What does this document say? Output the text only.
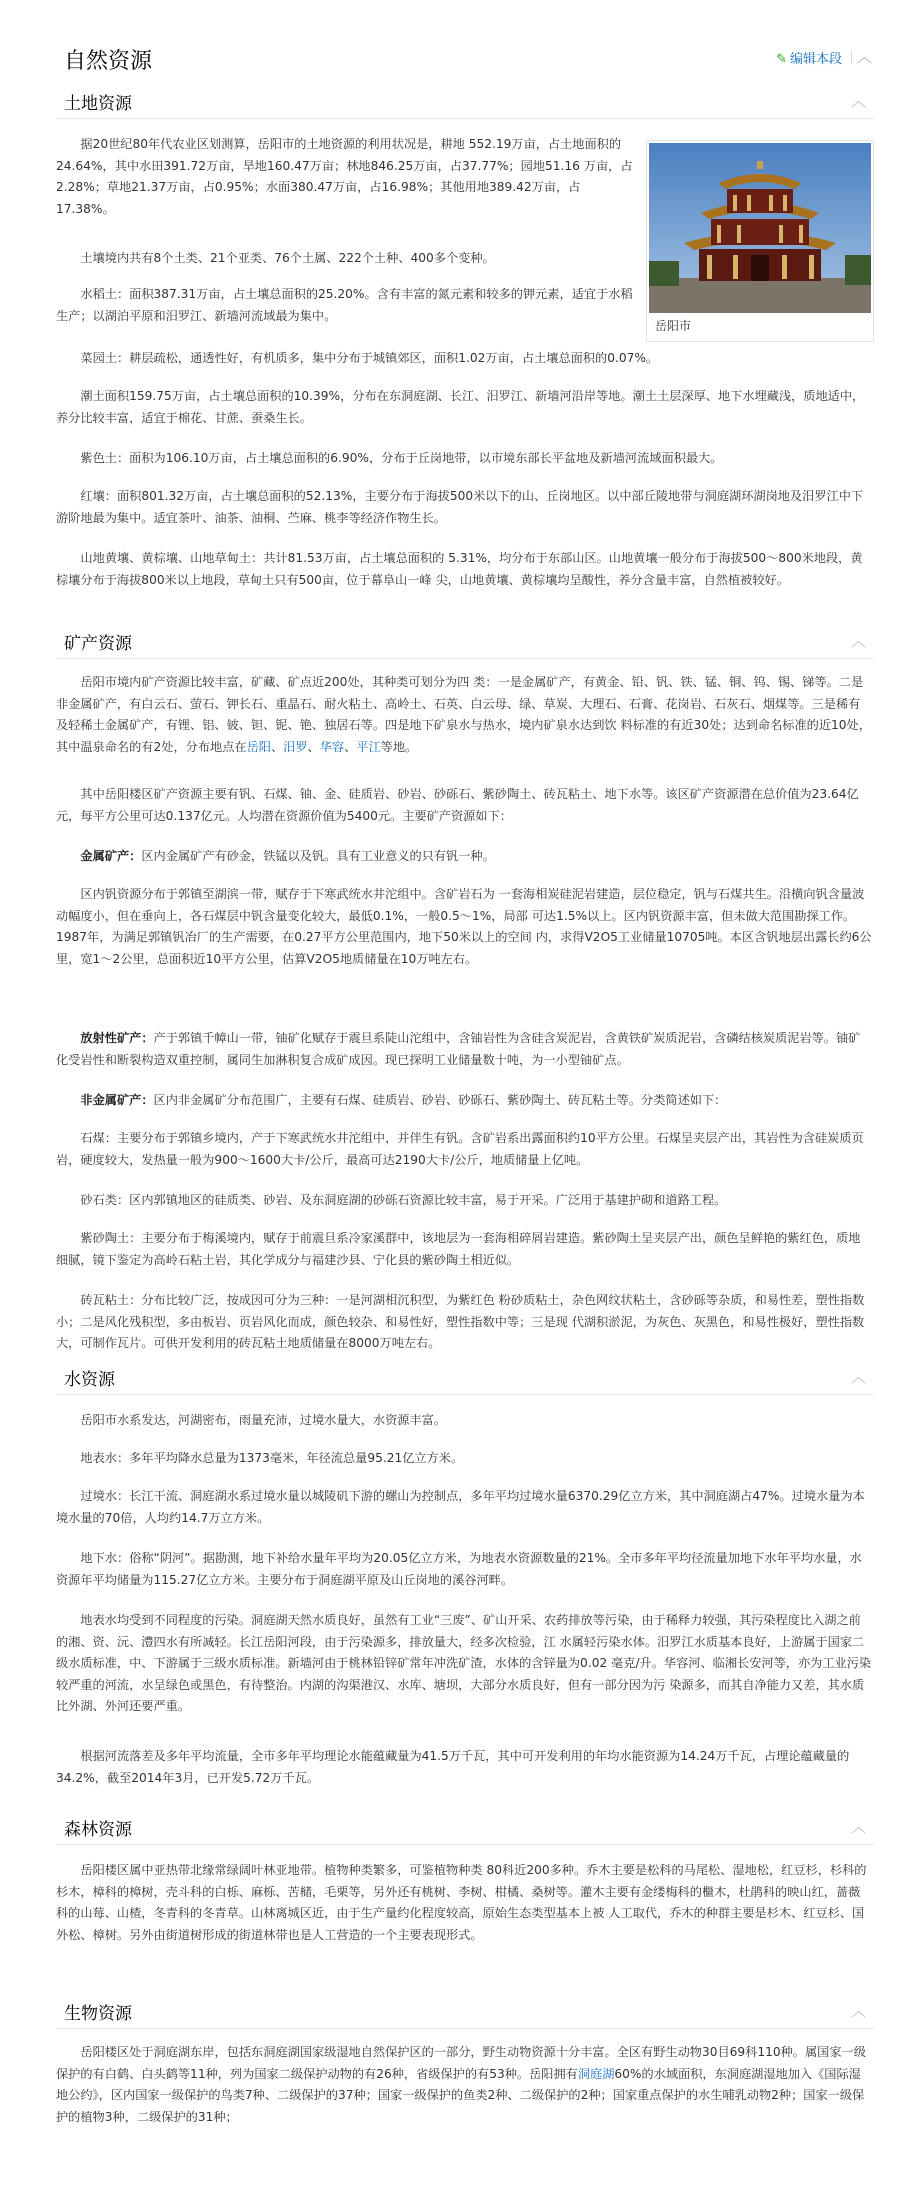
自然资源	✎ 编辑本段 ︿
土地资源	︿
岳阳市

据20世纪80年代农业区划测算，岳阳市的土地资源的利用状况是，耕地 552.19万亩，占土地面积的24.64%，其中水田391.72万亩，旱地160.47万亩；林地846.25万亩，占37.77%；园地51.16 万亩，占2.28%；草地21.37万亩，占0.95%；水面380.47万亩，占16.98%；其他用地389.42万亩，占17.38%。

土壤境内共有8个土类、21个亚类、76个土属、222个土种、400多个变种。

水稻土：面积387.31万亩，占土壤总面积的25.20%。含有丰富的氮元素和较多的钾元素，适宜于水稻生产；以湖泊平原和汨罗江、新墙河流域最为集中。

菜园土：耕层疏松，通透性好，有机质多，集中分布于城镇郊区，面积1.02万亩，占土壤总面积的0.07%。

潮土面积159.75万亩，占土壤总面积的10.39%，分布在东洞庭湖、长江、汨罗江、新墙河沿岸等地。潮土土层深厚、地下水埋藏浅，质地适中，养分比较丰富，适宜于棉花、甘蔗、蚕桑生长。

紫色土：面积为106.10万亩，占土壤总面积的6.90%，分布于丘岗地带，以市境东部长平盆地及新墙河流域面积最大。

红壤：面积801.32万亩，占土壤总面积的52.13%，主要分布于海拔500米以下的山、丘岗地区。以中部丘陵地带与洞庭湖环湖岗地及汨罗江中下游阶地最为集中。适宜茶叶、油茶、油桐、苎麻、桃李等经济作物生长。

山地黄壤、黄棕壤、山地草甸土：共计81.53万亩，占土壤总面积的 5.31%，均分布于东部山区。山地黄壤一般分布于海拔500～800米地段，黄棕壤分布于海拔800米以上地段，草甸土只有500亩，位于幕阜山一峰 尖，山地黄壤、黄棕壤均呈酸性，养分含量丰富，自然植被较好。

矿产资源	︿

岳阳市境内矿产资源比较丰富，矿藏、矿点近200处，其种类可划分为四 类：一是金属矿产，有黄金、铅、钒、铁、锰、铜、钨、锡、锑等。二是非金属矿产，有白云石、萤石、钾长石、重晶石、耐火粘土、高岭土、石英、白云母、绿、草炭、大理石、石膏、花岗岩、石灰石、烟煤等。三是稀有及轻稀土金属矿产，有锂、铝、铍、钽、铌、铯、独居石等。四是地下矿泉水与热水，境内矿泉水达到饮 料标准的有近30处；达到命名标准的近10处，其中温泉命名的有2处，分布地点在岳阳、汨罗、华容、平江等地。

其中岳阳楼区矿产资源主要有钒、石煤、铀、金、硅质岩、砂岩、砂砾石、紫砂陶土、砖瓦粘土、地下水等。该区矿产资源潜在总价值为23.64亿元，每平方公里可达0.137亿元。人均潜在资源价值为5400元。主要矿产资源如下：

金属矿产：区内金属矿产有砂金，铁锰以及钒。具有工业意义的只有钒一种。

区内钒资源分布于郭镇至湖滨一带，赋存于下寒武统水井沱组中。含矿岩石为 一套海相炭硅泥岩建造，层位稳定，钒与石煤共生。沿横向钒含量波动幅度小，但在垂向上，各石煤层中钒含量变化较大，最低0.1%，一般0.5～1%，局部 可达1.5%以上。区内钒资源丰富，但未做大范围勘探工作。1987年，为满足郭镇钒冶厂的生产需要，在0.27平方公里范围内，地下50米以上的空间 内，求得V2O5工业储量10705吨。本区含钒地层出露长约6公里，宽1～2公里，总面积近10平方公里，估算V2O5地质储量在10万吨左右。

放射性矿产：产于郭镇千幛山一带，铀矿化赋存于震旦系陡山沱组中，含铀岩性为含硅含炭泥岩，含黄铁矿炭质泥岩，含磷结核炭质泥岩等。铀矿化受岩性和断裂构造双重控制，属同生加淋积复合成矿成因。现已探明工业储量数十吨，为一小型铀矿点。

非金属矿产：区内非金属矿分布范围广，主要有石煤、硅质岩、砂岩、砂砾石、紫砂陶土、砖瓦粘土等。分类简述如下：

石煤：主要分布于郭镇乡境内，产于下寒武统水井沱组中，并伴生有钒。含矿岩系出露面积约10平方公里。石煤呈夹层产出，其岩性为含硅炭质页岩，硬度较大，发热量一般为900～1600大卡/公斤，最高可达2190大卡/公斤，地质储量上亿吨。

砂石类：区内郭镇地区的硅质类、砂岩、及东洞庭湖的砂砾石资源比较丰富，易于开采。广泛用于基建护砌和道路工程。

紫砂陶土：主要分布于梅溪境内，赋存于前震旦系冷家溪群中，该地层为一套海相碎屑岩建造。紫砂陶土呈夹层产出，颜色呈鲜艳的紫红色，质地细腻，镜下鉴定为高岭石粘土岩，其化学成分与福建沙县、宁化县的紫砂陶土相近似。

砖瓦粘土：分布比较广泛，按成因可分为三种：一是河湖相沉积型，为紫红色 粉砂质粘土，杂色网纹状粘土，含砂砾等杂质，和易性差，塑性指数小；二是风化残积型，多由板岩、页岩风化而成，颜色较杂、和易性好，塑性指数中等；三是现 代湖积淤泥，为灰色、灰黑色，和易性极好，塑性指数大，可制作瓦片。可供开发利用的砖瓦粘土地质储量在8000万吨左右。

水资源	︿

岳阳市水系发达，河湖密布，雨量充沛，过境水量大，水资源丰富。

地表水：多年平均降水总量为1373毫米，年径流总量95.21亿立方米。

过境水：长江干流、洞庭湖水系过境水量以城陵矶下游的螺山为控制点，多年平均过境水量6370.29亿立方米，其中洞庭湖占47%。过境水量为本境水量的70倍，人均约14.7万立方米。

地下水：俗称“阴河”。据勘测，地下补给水量年平均为20.05亿立方米，为地表水资源数量的21%。全市多年平均径流量加地下水年平均水量，水资源年平均储量为115.27亿立方米。主要分布于洞庭湖平原及山丘岗地的溪谷河畔。

地表水均受到不同程度的污染。洞庭湖天然水质良好，虽然有工业“三废”、矿山开采、农药排放等污染，由于稀释力较强，其污染程度比入湖之前的湘、资、沅、澧四水有所减轻。长江岳阳河段，由于污染源多，排放量大，经多次检验，江 水属轻污染水体。汨罗江水质基本良好，上游属于国家二级水质标准，中、下游属于三级水质标准。新墙河由于桃林铅锌矿常年冲洗矿渣，水体的含锌量为0.02 毫克/升。华容河、临湘长安河等，亦为工业污染较严重的河流，水呈绿色或黑色，有待整治。内湖的沟渠港汉、水库、塘坝，大部分水质良好，但有一部分因为污 染源多，而其自净能力又差，其水质比外湖、外河还要严重。

根据河流落差及多年平均流量，全市多年平均理论水能蕴藏量为41.5万千瓦，其中可开发利用的年均水能资源为14.24万千瓦，占理论蕴藏量的34.2%，截至2014年3月，已开发5.72万千瓦。

森林资源	︿

岳阳楼区属中亚热带北缘常绿阔叶林亚地带。植物种类繁多，可鉴植物种类 80科近200多种。乔木主要是松科的马尾松、湿地松，红豆杉，杉科的杉木，樟科的樟树，壳斗科的白栎、麻栎、苦槠，毛栗等，另外还有桃树、李树、柑橘、桑树等。灌木主要有金缕梅科的檵木，杜鹃科的映山红，蔷薇科的山莓、山楂，冬青科的冬青草。山林离城区近，由于生产量约化程度较高，原始生态类型基本上被 人工取代，乔木的种群主要是杉木、红豆杉、国外松、樟树。另外由街道树形成的街道林带也是人工营造的一个主要表现形式。

生物资源	︿

岳阳楼区处于洞庭湖东岸，包括东洞庭湖国家级湿地自然保护区的一部分，野生动物资源十分丰富。全区有野生动物30目69科110种。属国家一级保护的有白鹤、白头鹤等11种，列为国家二级保护动物的有26种，省级保护的有53种。岳阳拥有洞庭湖60%的水域面积，东洞庭湖湿地加入《国际湿地公约》，区内国家一级保护的鸟类7种、二级保护的37种；国家一级保护的鱼类2种、二级保护的2种；国家重点保护的水生哺乳动物2种；国家一级保护的植物3种，二级保护的31种；
